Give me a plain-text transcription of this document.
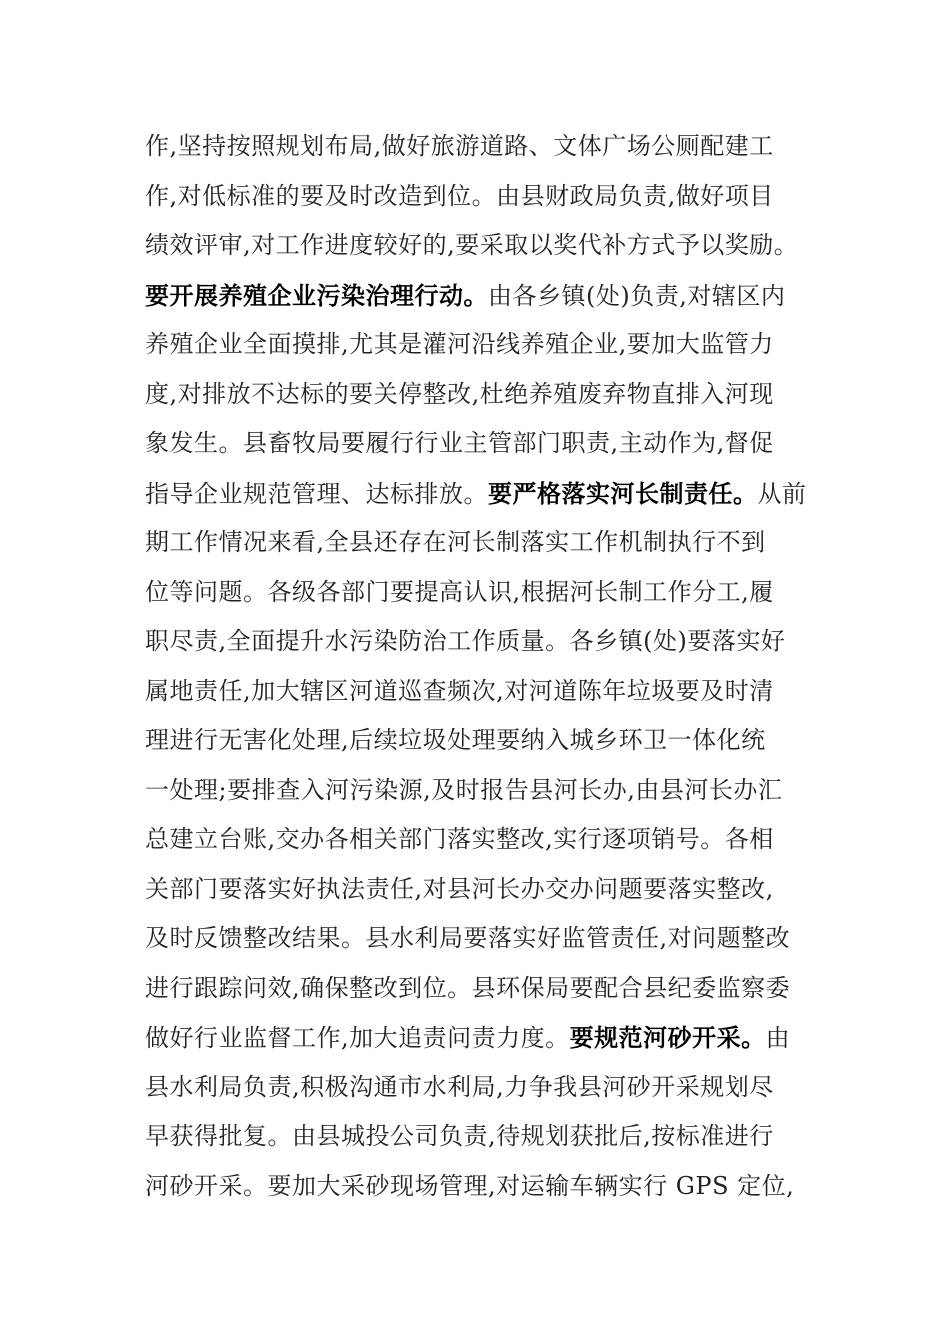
作,坚持按照规划布局,做好旅游道路、文体广场公厕配建工
作,对低标准的要及时改造到位。由县财政局负责,做好项目
绩效评审,对工作进度较好的,要采取以奖代补方式予以奖励。
要开展养殖企业污染治理行动。由各乡镇(处)负责,对辖区内
养殖企业全面摸排,尤其是灌河沿线养殖企业,要加大监管力
度,对排放不达标的要关停整改,杜绝养殖废弃物直排入河现
象发生。县畜牧局要履行行业主管部门职责,主动作为,督促
指导企业规范管理、达标排放。要严格落实河长制责任。从前
期工作情况来看,全县还存在河长制落实工作机制执行不到
位等问题。各级各部门要提高认识,根据河长制工作分工,履
职尽责,全面提升水污染防治工作质量。各乡镇(处)要落实好
属地责任,加大辖区河道巡查频次,对河道陈年垃圾要及时清
理进行无害化处理,后续垃圾处理要纳入城乡环卫一体化统
一处理;要排查入河污染源,及时报告县河长办,由县河长办汇
总建立台账,交办各相关部门落实整改,实行逐项销号。各相
关部门要落实好执法责任,对县河长办交办问题要落实整改,
及时反馈整改结果。县水利局要落实好监管责任,对问题整改
进行跟踪问效,确保整改到位。县环保局要配合县纪委监察委
做好行业监督工作,加大追责问责力度。要规范河砂开采。由
县水利局负责,积极沟通市水利局,力争我县河砂开采规划尽
早获得批复。由县城投公司负责,待规划获批后,按标准进行
河砂开采。要加大采砂现场管理,对运输车辆实行 GPS 定位,
